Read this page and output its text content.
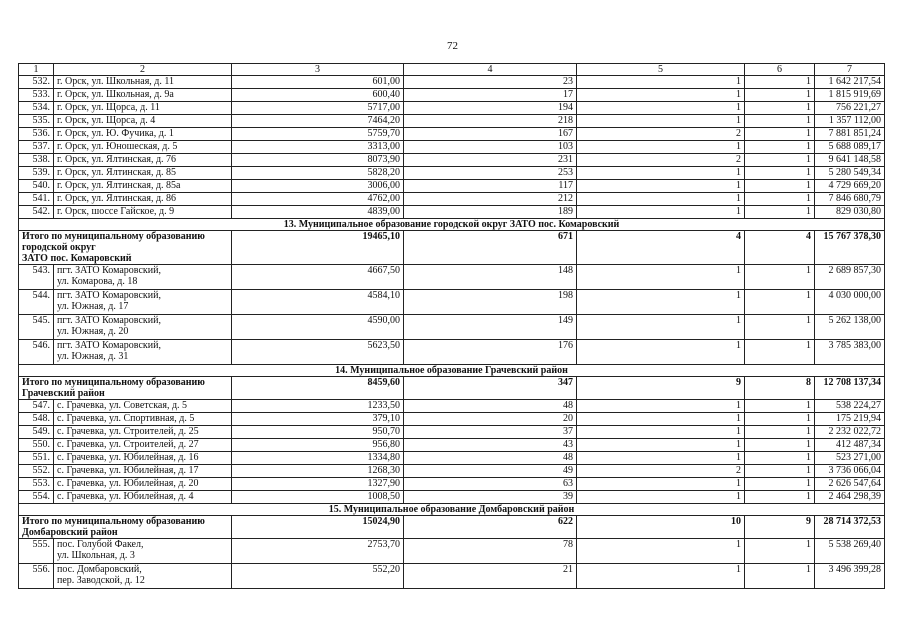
72
1	2	3	4	5	6	7
532.	г. Орск, ул. Школьная, д. 11	601,00	23	1	1	1 642 217,54
533.	г. Орск, ул. Школьная, д. 9а	600,40	17	1	1	1 815 919,69
534.	г. Орск, ул. Щорса, д. 11	5717,00	194	1	1	756 221,27
535.	г. Орск, ул. Щорса, д. 4	7464,20	218	1	1	1 357 112,00
536.	г. Орск, ул. Ю. Фучика, д. 1	5759,70	167	2	1	7 881 851,24
537.	г. Орск, ул. Юношеская, д. 5	3313,00	103	1	1	5 688 089,17
538.	г. Орск, ул. Ялтинская, д. 76	8073,90	231	2	1	9 641 148,58
539.	г. Орск, ул. Ялтинская, д. 85	5828,20	253	1	1	5 280 549,34
540.	г. Орск, ул. Ялтинская, д. 85а	3006,00	117	1	1	4 729 669,20
541.	г. Орск, ул. Ялтинская, д. 86	4762,00	212	1	1	7 846 680,79
542.	г. Орск, шоссе Гайское, д. 9	4839,00	189	1	1	829 030,80
13. Муниципальное образование городской округ ЗАТО пос. Комаровский						

Итого по муниципальному образованию
городской округ
ЗАТО пос. Комаровский		19465,10	671	4	4	15 767 378,30
543.	пгт. ЗАТО Комаровский,
ул. Комарова, д. 18	4667,50	148	1	1	2 689 857,30
544.	пгт. ЗАТО Комаровский,
ул. Южная, д. 17	4584,10	198	1	1	4 030 000,00
545.	пгт. ЗАТО Комаровский,
ул. Южная, д. 20	4590,00	149	1	1	5 262 138,00
546.	пгт. ЗАТО Комаровский,
ул. Южная, д. 31	5623,50	176	1	1	3 785 383,00
14. Муниципальное образование Грачевский район						

Итого по муниципальному образованию
Грачевский район		8459,60	347	9	8	12 708 137,34
547.	с. Грачевка, ул. Советская, д. 5	1233,50	48	1	1	538 224,27
548.	с. Грачевка, ул. Спортивная, д. 5	379,10	20	1	1	175 219,94
549.	с. Грачевка, ул. Строителей, д. 25	950,70	37	1	1	2 232 022,72
550.	с. Грачевка, ул. Строителей, д. 27	956,80	43	1	1	412 487,34
551.	с. Грачевка, ул. Юбилейная, д. 16	1334,80	48	1	1	523 271,00
552.	с. Грачевка, ул. Юбилейная, д. 17	1268,30	49	2	1	3 736 066,04
553.	с. Грачевка, ул. Юбилейная, д. 20	1327,90	63	1	1	2 626 547,64
554.	с. Грачевка, ул. Юбилейная, д. 4	1008,50	39	1	1	2 464 298,39
15. Муниципальное образование Домбаровский район						

Итого по муниципальному образованию
Домбаровский район		15024,90	622	10	9	28 714 372,53
555.	пос. Голубой Факел,
ул. Школьная, д. 3	2753,70	78	1	1	5 538 269,40
556.	пос. Домбаровский,
пер. Заводской, д. 12	552,20	21	1	1	3 496 399,28
